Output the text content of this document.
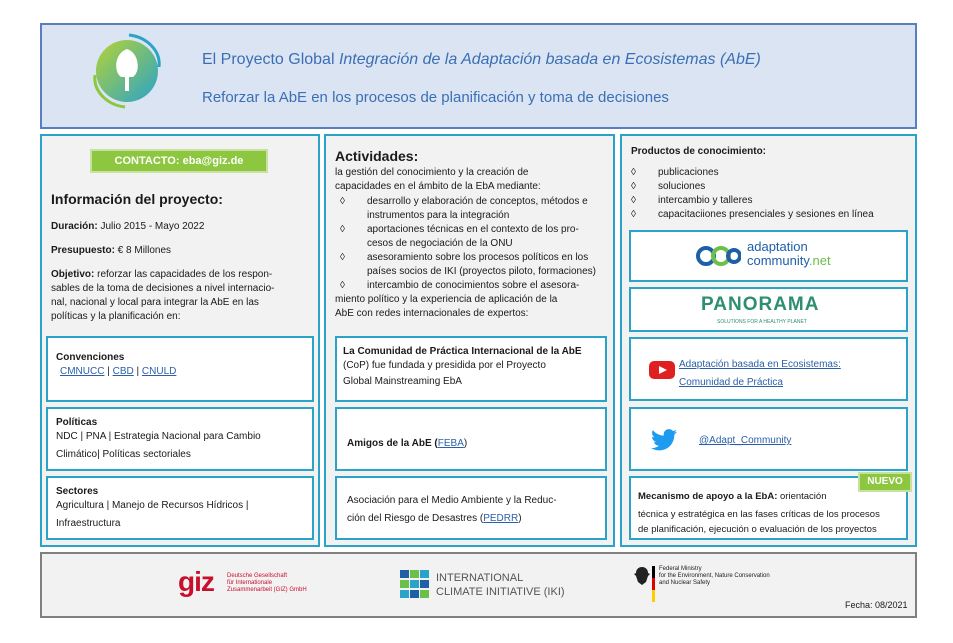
El Proyecto Global Integración de la Adaptación basada en Ecosistemas (AbE)
Reforzar la AbE en los procesos de planificación y toma de decisiones
CONTACTO: eba@giz.de
Información del proyecto:
Duración: Julio 2015 - Mayo 2022
Presupuesto: € 8 Millones
Objetivo: reforzar las capacidades de los respon-
sables de la toma de decisiones a nivel internacio-
nal, nacional y local para integrar la AbE en las
políticas y la planificación en:
Convenciones
CMNUCC | CBD | CNULD
Políticas
NDC | PNA | Estrategia Nacional para Cambio
Climático| Políticas sectoriales
Sectores
Agricultura | Manejo de Recursos Hídricos |
Infraestructura
Actividades:
la gestión del conocimiento y la creación de
capacidades en el ámbito de la EbA mediante:
◊ desarrollo y elaboración de conceptos, métodos e
instrumentos para la integración
◊ aportaciones técnicas en el contexto de los pro-
cesos de negociación de la ONU
◊ asesoramiento sobre los procesos políticos en los
países socios de IKI (proyectos piloto, formaciones)
◊ intercambio de conocimientos sobre el asesora-
miento político y la experiencia de aplicación de la
AbE con redes internacionales de expertos:
La Comunidad de Práctica Internacional de la AbE
(CoP) fue fundada y presidida por el Proyecto
Global Mainstreaming EbA
Amigos de la AbE (FEBA)
Asociación para el Medio Ambiente y la Reduc-
ción del Riesgo de Desastres (PEDRR)
Productos de conocimiento:
◊ publicaciones
◊ soluciones
◊ intercambio y talleres
◊ capacitaciiones presenciales y sesiones en línea
adaptation
community.net
PANORAMA
SOLUTIONS FOR A HEALTHY PLANET
Adaptación basada en Ecosistemas:
Comunidad de Práctica
@Adapt_Community
Mecanismo de apoyo a la EbA: orientación
técnica y estratégica en las fases críticas de los procesos
de planificación, ejecución o evaluación de los proyectos
NUEVO
giz Deutsche Gesellschaft
für Internationale
Zusammenarbeit (GIZ) GmbH
INTERNATIONAL
CLIMATE INITIATIVE (IKI)
Federal Ministry
for the Environment, Nature Conservation
and Nuclear Safety
Fecha: 08/2021
